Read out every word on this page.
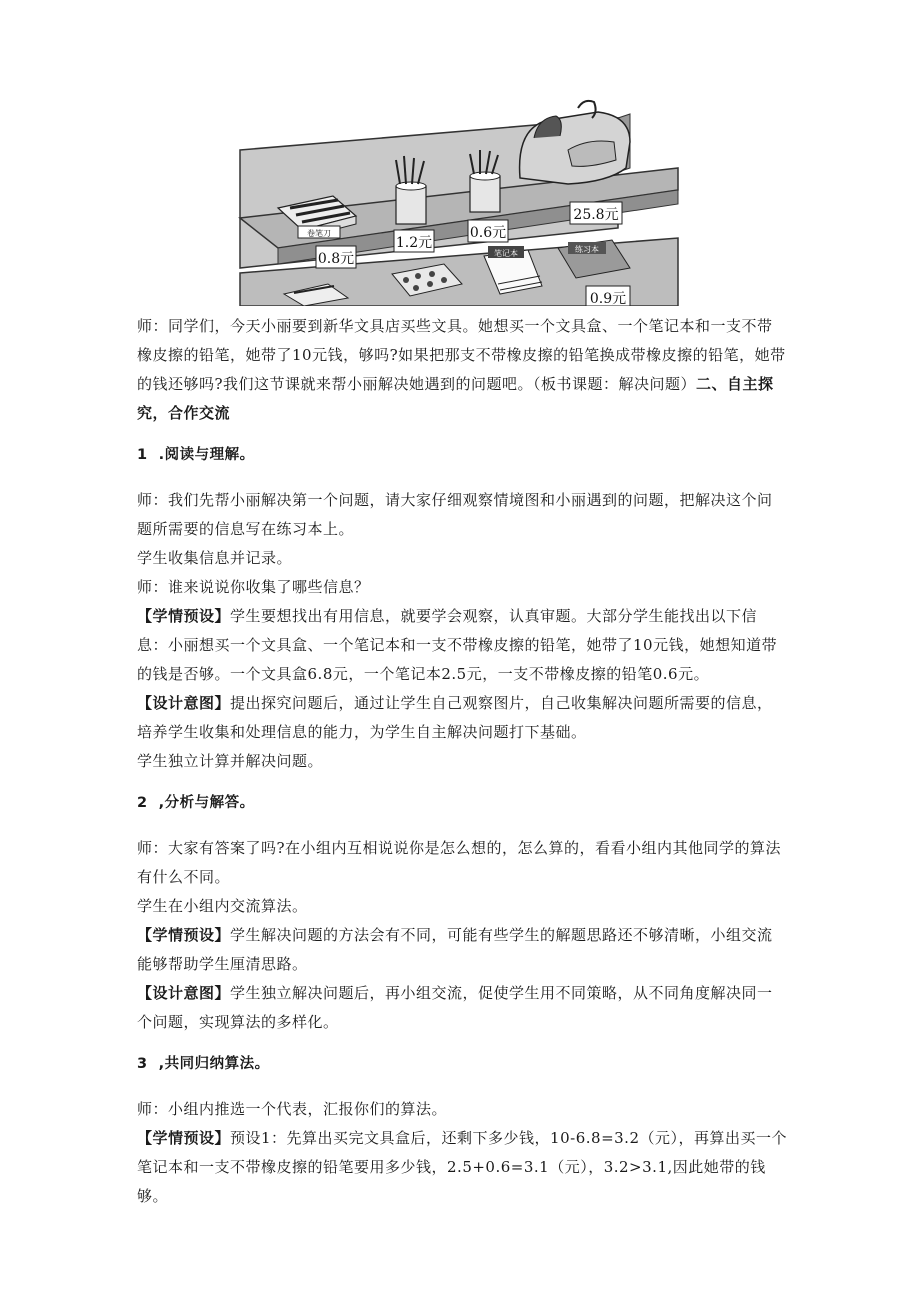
卷笔刀
0.8元
1.2元
0.6元
25.8元
笔记本	练习本
0.9元

师：同学们，今天小丽要到新华文具店买些文具。她想买一个文具盒、一个笔记本和一支不带橡皮擦的铅笔，她带了10元钱，够吗?如果把那支不带橡皮擦的铅笔换成带橡皮擦的铅笔，她带的钱还够吗?我们这节课就来帮小丽解决她遇到的问题吧。（板书课题：解决问题）二、自主探究，合作交流

1 .阅读与理解。

师：我们先帮小丽解决第一个问题，请大家仔细观察情境图和小丽遇到的问题，把解决这个问题所需要的信息写在练习本上。

学生收集信息并记录。

师：谁来说说你收集了哪些信息？

【学情预设】学生要想找出有用信息，就要学会观察，认真审题。大部分学生能找出以下信息：小丽想买一个文具盒、一个笔记本和一支不带橡皮擦的铅笔，她带了10元钱，她想知道带的钱是否够。一个文具盒6.8元，一个笔记本2.5元，一支不带橡皮擦的铅笔0.6元。

【设计意图】提出探究问题后，通过让学生自己观察图片，自己收集解决问题所需要的信息，培养学生收集和处理信息的能力，为学生自主解决问题打下基础。

学生独立计算并解决问题。

2 ,分析与解答。

师：大家有答案了吗?在小组内互相说说你是怎么想的，怎么算的，看看小组内其他同学的算法有什么不同。

学生在小组内交流算法。

【学情预设】学生解决问题的方法会有不同，可能有些学生的解题思路还不够清晰，小组交流能够帮助学生厘清思路。

【设计意图】学生独立解决问题后，再小组交流，促使学生用不同策略，从不同角度解决同一个问题，实现算法的多样化。

3 ,共同归纳算法。

师：小组内推选一个代表，汇报你们的算法。

【学情预设】预设1：先算出买完文具盒后，还剩下多少钱，10-6.8=3.2（元），再算出买一个笔记本和一支不带橡皮擦的铅笔要用多少钱，2.5+0.6=3.1（元），3.2>3.1,因此她带的钱够。
